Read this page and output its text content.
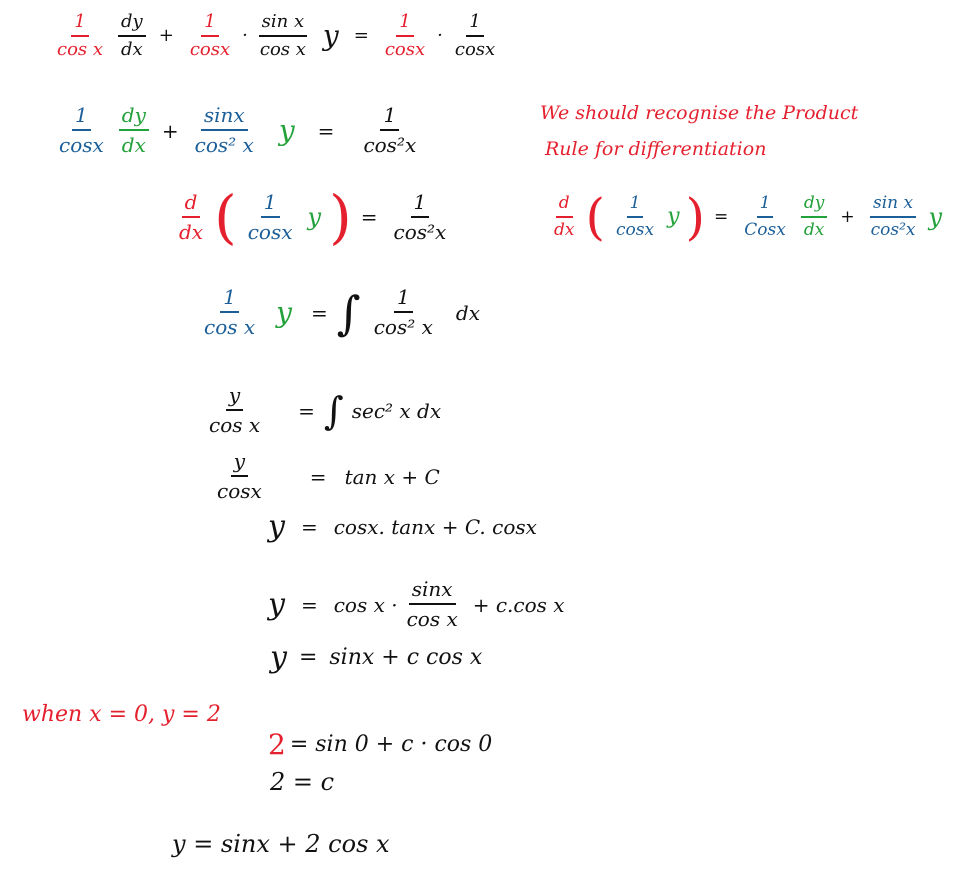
$\frac{1}{\text{cos x}} \frac{dy}{dx} + \frac{1}{\cos x} \cdot \frac{\text{sin x}}{\text{cos x}}$ $y = \frac{1}{\cos x} \cdot \frac{1}{\cos x}$
$\frac{1}{\cos x} \frac{dy}{dx} + \frac{\sin x}{\text{cos² x}}$ $y = \frac{1}{\text{cos²x}}$	We should recognise the Product
Rule for differentiation
$\frac{d}{dx}$ ( $\frac{1}{\cos x}$ y ) = $\frac{1}{\text{cos²x}}$	$\frac{d}{dx}$ ( $\frac{1}{\cos x}$ y ) = $\frac{1}{\text{Cosx}} \frac{dy}{dx} + \frac{\text{sin x}}{\text{cos²x}}$ y
$\frac{1}{\text{cos x}}$ y = ∫ $\frac{1}{\text{cos² x}}$ dx
$\frac{y}{\text{cos x}}$ = ∫ sec² x dx
$\frac{y}{\cos x} = \tan x + C$
y = cosx. tanx + C. cosx
$y = \cos x \cdot \frac{\sin x}{\text{cos x}} + c.\cos$ x
y = sinx + c cos x
when x = 0, y = 2
2 = sin 0 + c · cos 0
2 = c
y = sinx + 2 cos x
